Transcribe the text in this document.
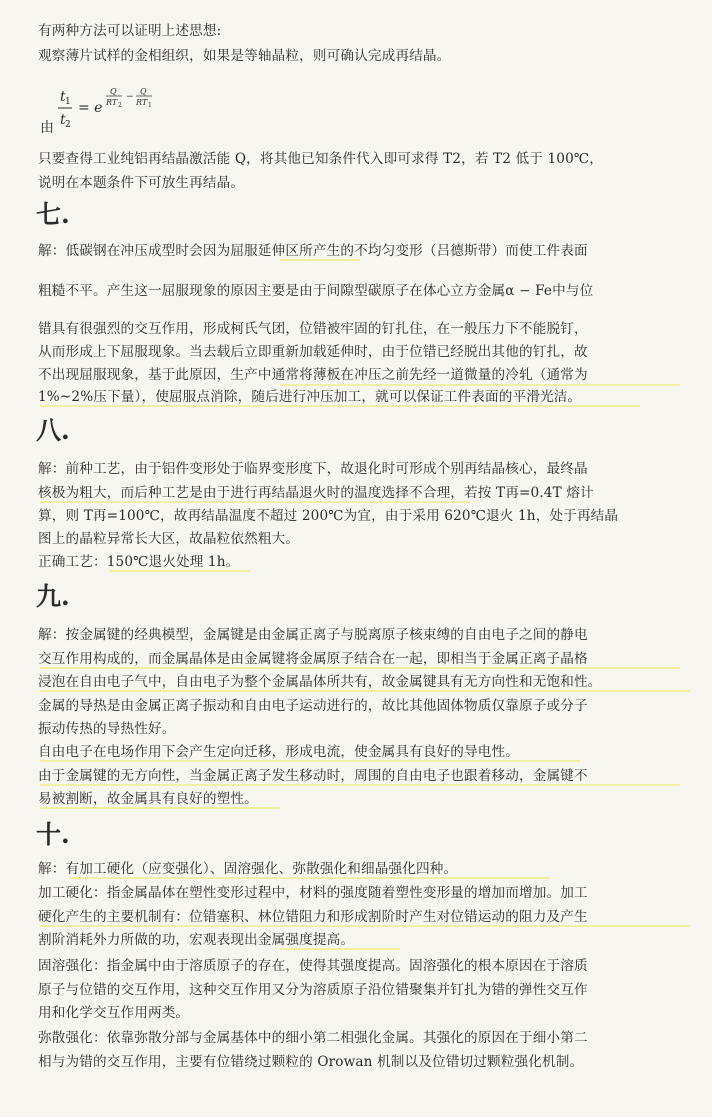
有两种方法可以证明上述思想:
观察薄片试样的金相组织，如果是等轴晶粒，则可确认完成再结晶。
由
t 1
t 2
= e
Q
RT 2
−
Q
RT 1
只要查得工业纯铝再结晶激活能 Q，将其他已知条件代入即可求得 T2，若 T2 低于 100℃，
说明在本题条件下可放生再结晶。
七.
解：低碳钢在冲压成型时会因为屈服延伸区所产生的不均匀变形（吕德斯带）而使工件表面
粗糙不平。产生这一屈服现象的原因主要是由于间隙型碳原子在体心立方金属α − Fe中与位
错具有很强烈的交互作用，形成柯氏气团，位错被牢固的钉扎住，在一般压力下不能脱钉，
从而形成上下屈服现象。当去载后立即重新加载延伸时，由于位错已经脱出其他的钉扎，故
不出现屈服现象，基于此原因，生产中通常将薄板在冲压之前先经一道微量的冷轧（通常为
1%~2%压下量），使屈服点消除，随后进行冲压加工，就可以保证工件表面的平滑光洁。
八.
解：前种工艺，由于铝件变形处于临界变形度下，故退化时可形成个别再结晶核心，最终晶
核极为粗大，而后种工艺是由于进行再结晶退火时的温度选择不合理，若按 T再=0.4T 熔计
算，则 T再=100℃，故再结晶温度不超过 200℃为宜，由于采用 620℃退火 1h，处于再结晶
图上的晶粒异常长大区，故晶粒依然粗大。
正确工艺：150℃退火处理 1h。
九.
解：按金属键的经典模型，金属键是由金属正离子与脱离原子核束缚的自由电子之间的静电
交互作用构成的，而金属晶体是由金属键将金属原子结合在一起，即相当于金属正离子晶格
浸泡在自由电子气中，自由电子为整个金属晶体所共有，故金属键具有无方向性和无饱和性。
金属的导热是由金属正离子振动和自由电子运动进行的，故比其他固体物质仅靠原子或分子
振动传热的导热性好。
自由电子在电场作用下会产生定向迁移，形成电流，使金属具有良好的导电性。
由于金属键的无方向性，当金属正离子发生移动时，周围的自由电子也跟着移动，金属键不
易被割断，故金属具有良好的塑性。
十.
解：有加工硬化（应变强化）、固溶强化、弥散强化和细晶强化四种。
加工硬化：指金属晶体在塑性变形过程中，材料的强度随着塑性变形量的增加而增加。加工
硬化产生的主要机制有：位错塞积、林位错阻力和形成割阶时产生对位错运动的阻力及产生
割阶消耗外力所做的功，宏观表现出金属强度提高。
固溶强化：指金属中由于溶质原子的存在，使得其强度提高。固溶强化的根本原因在于溶质
原子与位错的交互作用，这种交互作用又分为溶质原子沿位错聚集并钉扎为错的弹性交互作
用和化学交互作用两类。
弥散强化：依靠弥散分部与金属基体中的细小第二相强化金属。其强化的原因在于细小第二
相与为错的交互作用，主要有位错绕过颗粒的 Orowan 机制以及位错切过颗粒强化机制。
